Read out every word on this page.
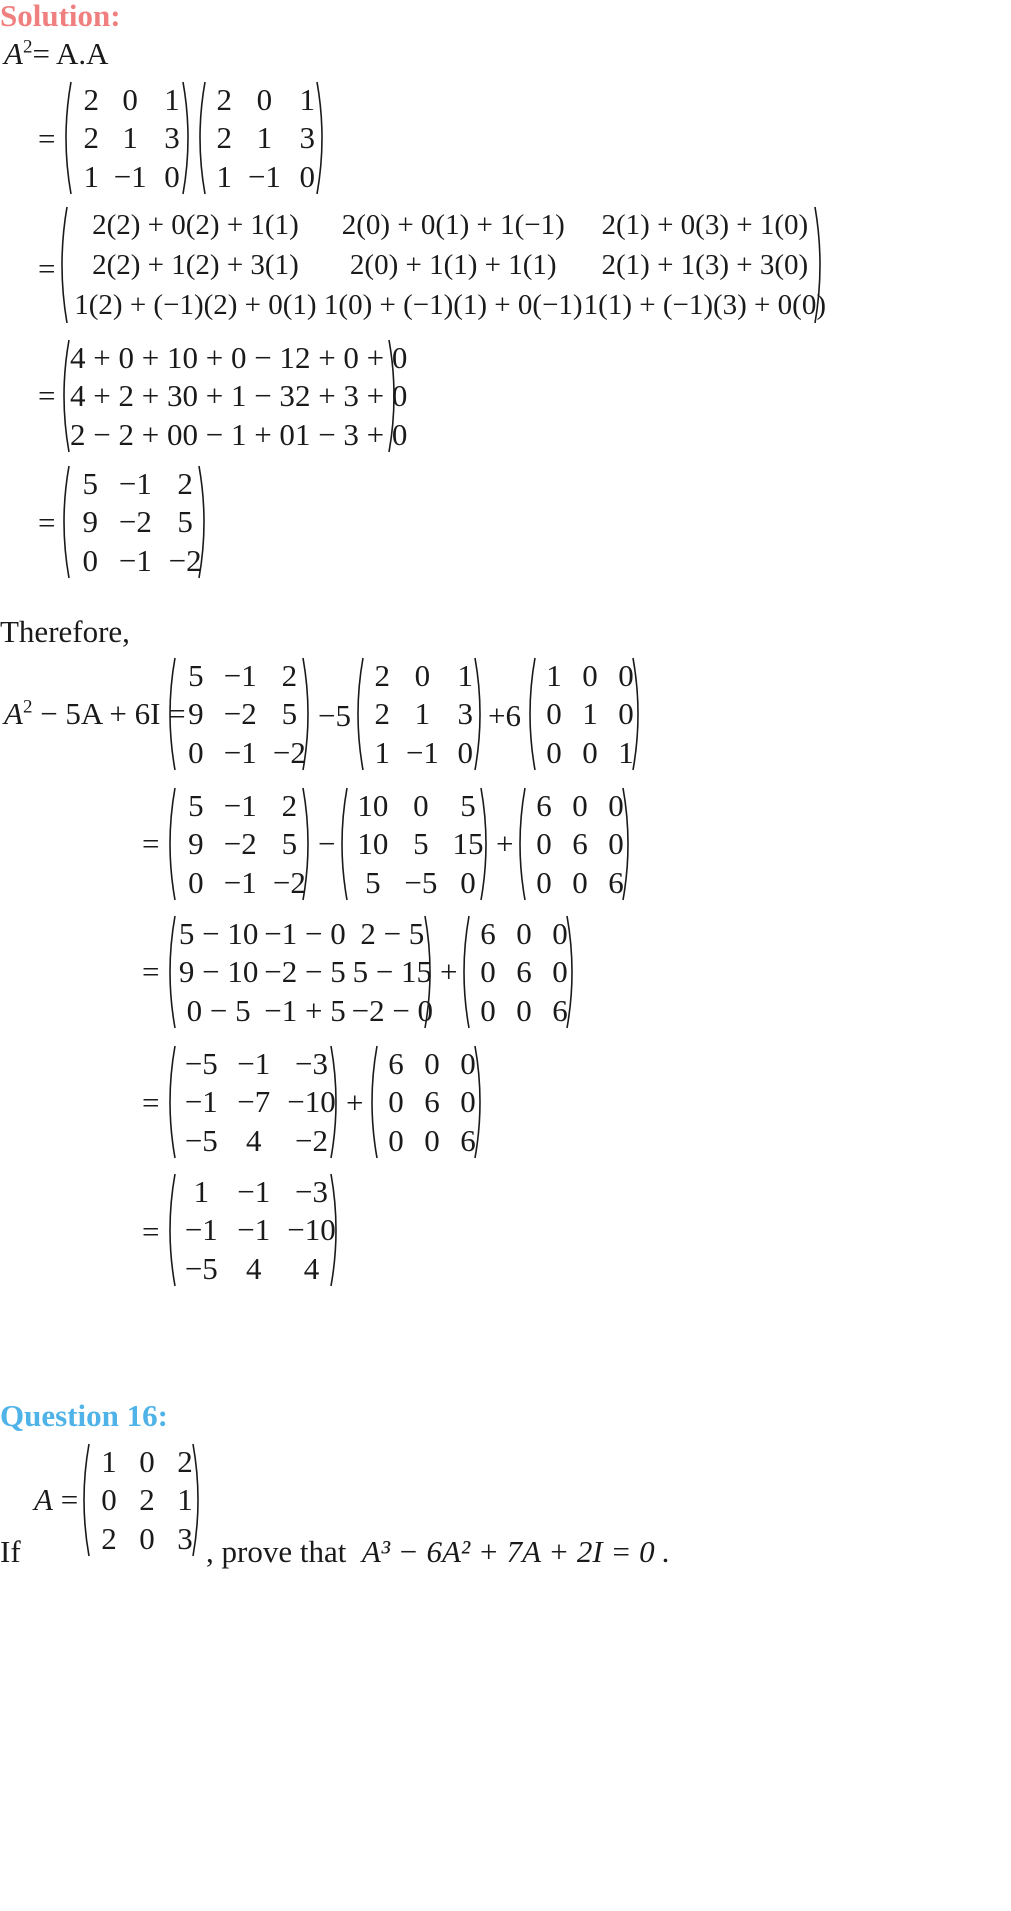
Solution:
$A^2= A.A$
=
2	0	1
2	1	3
1	−1	0
2	0	1
2	1	3
1	−1	0
=
2(2) + 0(2) + 1(1)	2(0) + 0(1) + 1(−1)	2(1) + 0(3) + 1(0)
2(2) + 1(2) + 3(1)	2(0) + 1(1) + 1(1)	2(1) + 1(3) + 3(0)
1(2) + (−1)(2) + 0(1)	1(0) + (−1)(1) + 0(−1)	1(1) + (−1)(3) + 0(0)
=
4 + 0 + 1	0 + 0 − 1	2 + 0 + 0
4 + 2 + 3	0 + 1 − 3	2 + 3 + 0
2 − 2 + 0	0 − 1 + 0	1 − 3 + 0
=
5	−1	2
9	−2	5
0	−1	−2
Therefore,
$A^2 - 5A + 6I$ =
5	−1	2
9	−2	5
0	−1	−2
−5
2	0	1
2	1	3
1	−1	0
+6
1	0	0
0	1	0
0	0	1
=
5	−1	2
9	−2	5
0	−1	−2
−
10	0	5
10	5	15
5	−5	0
+
6	0	0
0	6	0
0	0	6
=
5 − 10	−1 − 0	2 − 5
9 − 10	−2 − 5	5 − 15
0 − 5	−1 + 5	−2 − 0
+
6	0	0
0	6	0
0	0	6
=
−5	−1	−3
−1	−7	−10
−5	4	−2
+
6	0	0
0	6	0
0	0	6
=
1	−1	−3
−1	−1	−10
−5	4	4
Question 16:
A =
1	0	2
0	2	1
2	0	3
If	, prove that A³ − 6A² + 7A + 2I = 0 .
